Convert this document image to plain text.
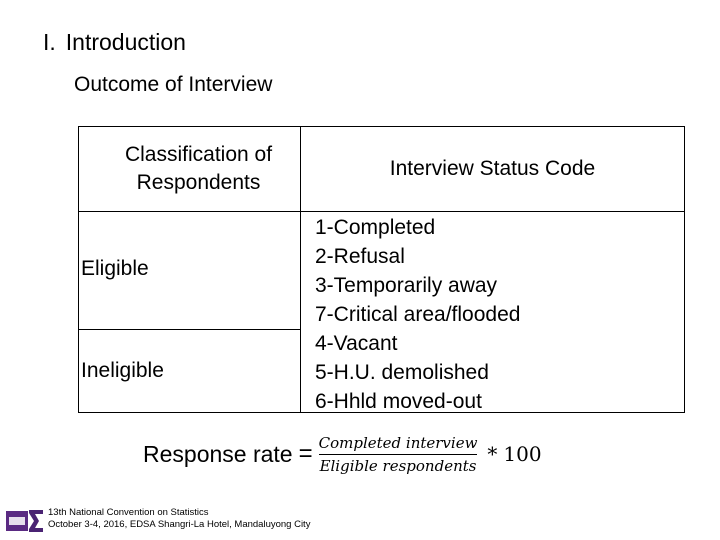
I. Introduction
Outcome of Interview
Classification of
Respondents
Interview Status Code
Eligible
Ineligible
1-Completed
2-Refusal
3-Temporarily away
7-Critical area/flooded
4-Vacant
5-H.U. demolished
6-Hhld moved-out
Response rate = $\frac{\text{Completed interview}}{\text{Eligible respondents}} * 100$
13th National Convention on Statistics
October 3-4, 2016, EDSA Shangri-La Hotel, Mandaluyong City
